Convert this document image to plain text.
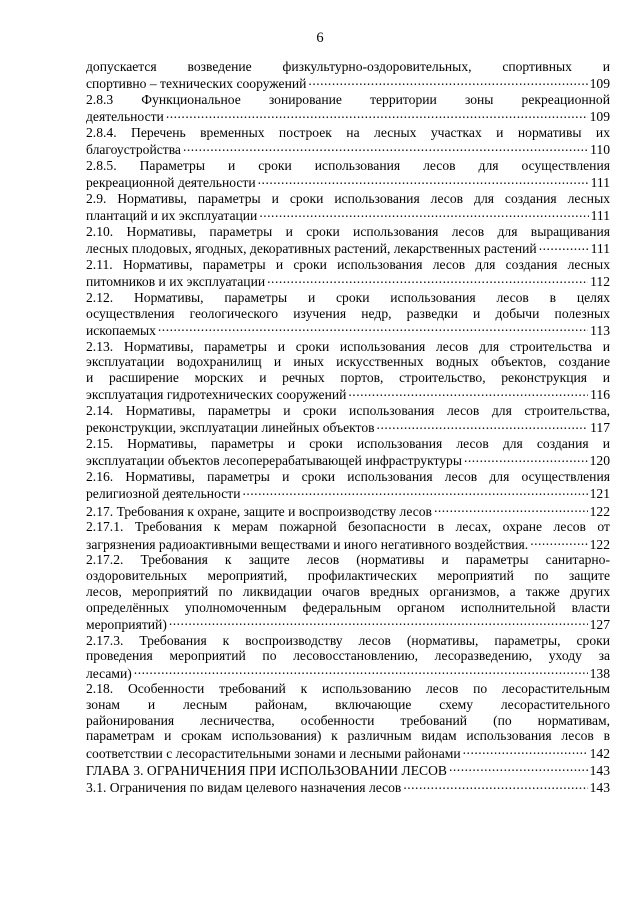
6
допускается возведение физкультурно-оздоровительных, спортивных и
спортивно – технических сооружений .....	109
2.8.3 Функциональное зонирование территории зоны рекреационной
деятельности .....	109
2.8.4. Перечень временных построек на лесных участках и нормативы их
благоустройства .....	110
2.8.5. Параметры и сроки использования лесов для осуществления
рекреационной деятельности .....	111
2.9. Нормативы, параметры и сроки использования лесов для создания лесных
плантаций и их эксплуатации .....	111
2.10. Нормативы, параметры и сроки использования лесов для выращивания
лесных плодовых, ягодных, декоративных растений, лекарственных растений .....	111
2.11. Нормативы, параметры и сроки использования лесов для создания лесных
питомников и их эксплуатации .....	112
2.12. Нормативы, параметры и сроки использования лесов в целях
осуществления геологического изучения недр, разведки и добычи полезных
ископаемых .....	113
2.13. Нормативы, параметры и сроки использования лесов для строительства и
эксплуатации водохранилищ и иных искусственных водных объектов, создание
и расширение морских и речных портов, строительство, реконструкция и
эксплуатация гидротехнических сооружений .....	116
2.14. Нормативы, параметры и сроки использования лесов для строительства,
реконструкции, эксплуатации линейных объектов .....	117
2.15. Нормативы, параметры и сроки использования лесов для создания и
эксплуатации объектов лесоперерабатывающей инфраструктуры .....	120
2.16. Нормативы, параметры и сроки использования лесов для осуществления
религиозной деятельности .....	121
2.17. Требования к охране, защите и воспроизводству лесов .....	122
2.17.1. Требования к мерам пожарной безопасности в лесах, охране лесов от
загрязнения радиоактивными веществами и иного негативного воздействия. .....	122
2.17.2. Требования к защите лесов (нормативы и параметры санитарно-
оздоровительных мероприятий, профилактических мероприятий по защите
лесов, мероприятий по ликвидации очагов вредных организмов, а также других
определённых уполномоченным федеральным органом исполнительной власти
мероприятий) .....	127
2.17.3. Требования к воспроизводству лесов (нормативы, параметры, сроки
проведения мероприятий по лесовосстановлению, лесоразведению, уходу за
лесами) .....	138
2.18. Особенности требований к использованию лесов по лесорастительным
зонам и лесным районам, включающие схему лесорастительного
районирования лесничества, особенности требований (по нормативам,
параметрам и срокам использования) к различным видам использования лесов в
соответствии с лесорастительными зонами и лесными районами .....	142
ГЛАВА 3. ОГРАНИЧЕНИЯ ПРИ ИСПОЛЬЗОВАНИИ ЛЕСОВ .....	143
3.1. Ограничения по видам целевого назначения лесов .....	143
